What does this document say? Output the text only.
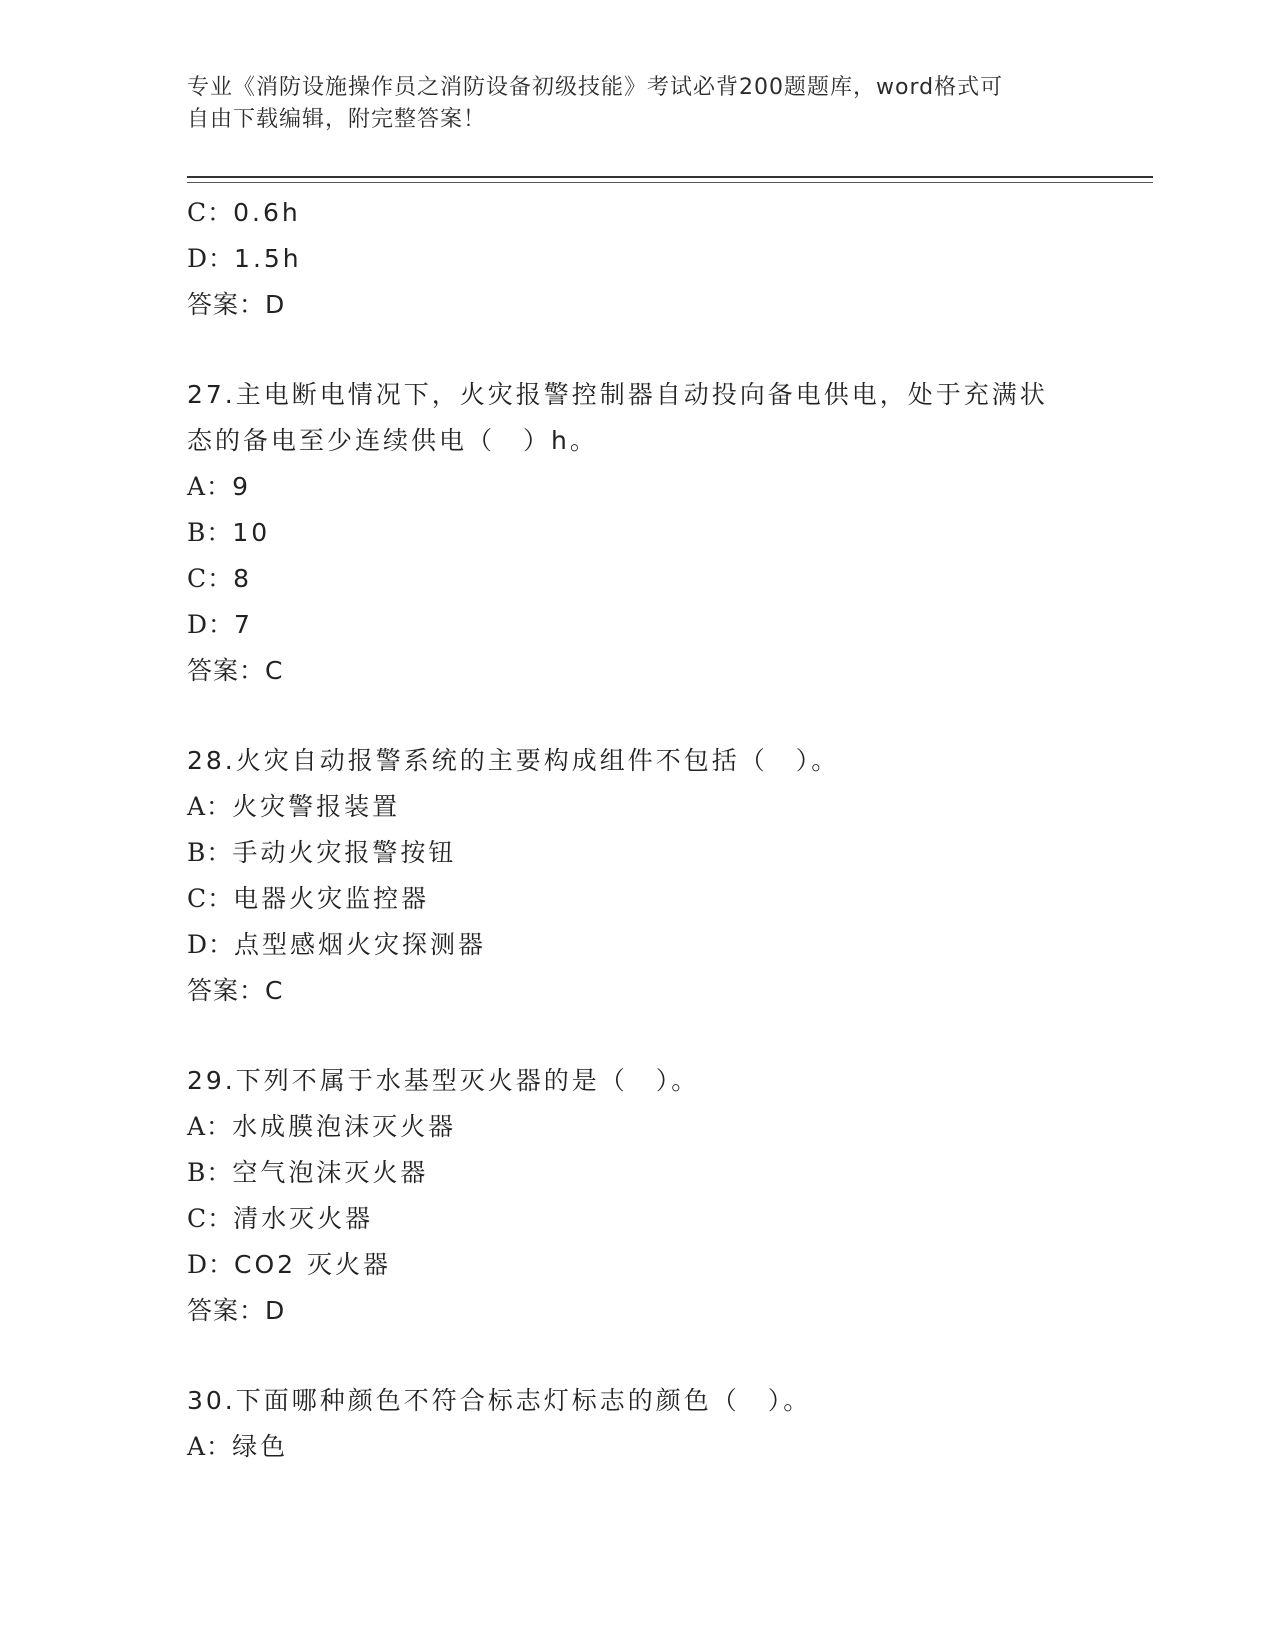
专业《消防设施操作员之消防设备初级技能》考试必背200题题库，word格式可
自由下载编辑，附完整答案！
C：0.6h
D：1.5h
答案：D
27.主电断电情况下，火灾报警控制器自动投向备电供电，处于充满状
态的备电至少连续供电（　）h。
A：9
B：10
C：8
D：7
答案：C
28.火灾自动报警系统的主要构成组件不包括（　）。
A：火灾警报装置
B：手动火灾报警按钮
C：电器火灾监控器
D：点型感烟火灾探测器
答案：C
29.下列不属于水基型灭火器的是（　）。
A：水成膜泡沫灭火器
B：空气泡沫灭火器
C：清水灭火器
D：CO2 灭火器
答案：D
30.下面哪种颜色不符合标志灯标志的颜色（　）。
A：绿色
